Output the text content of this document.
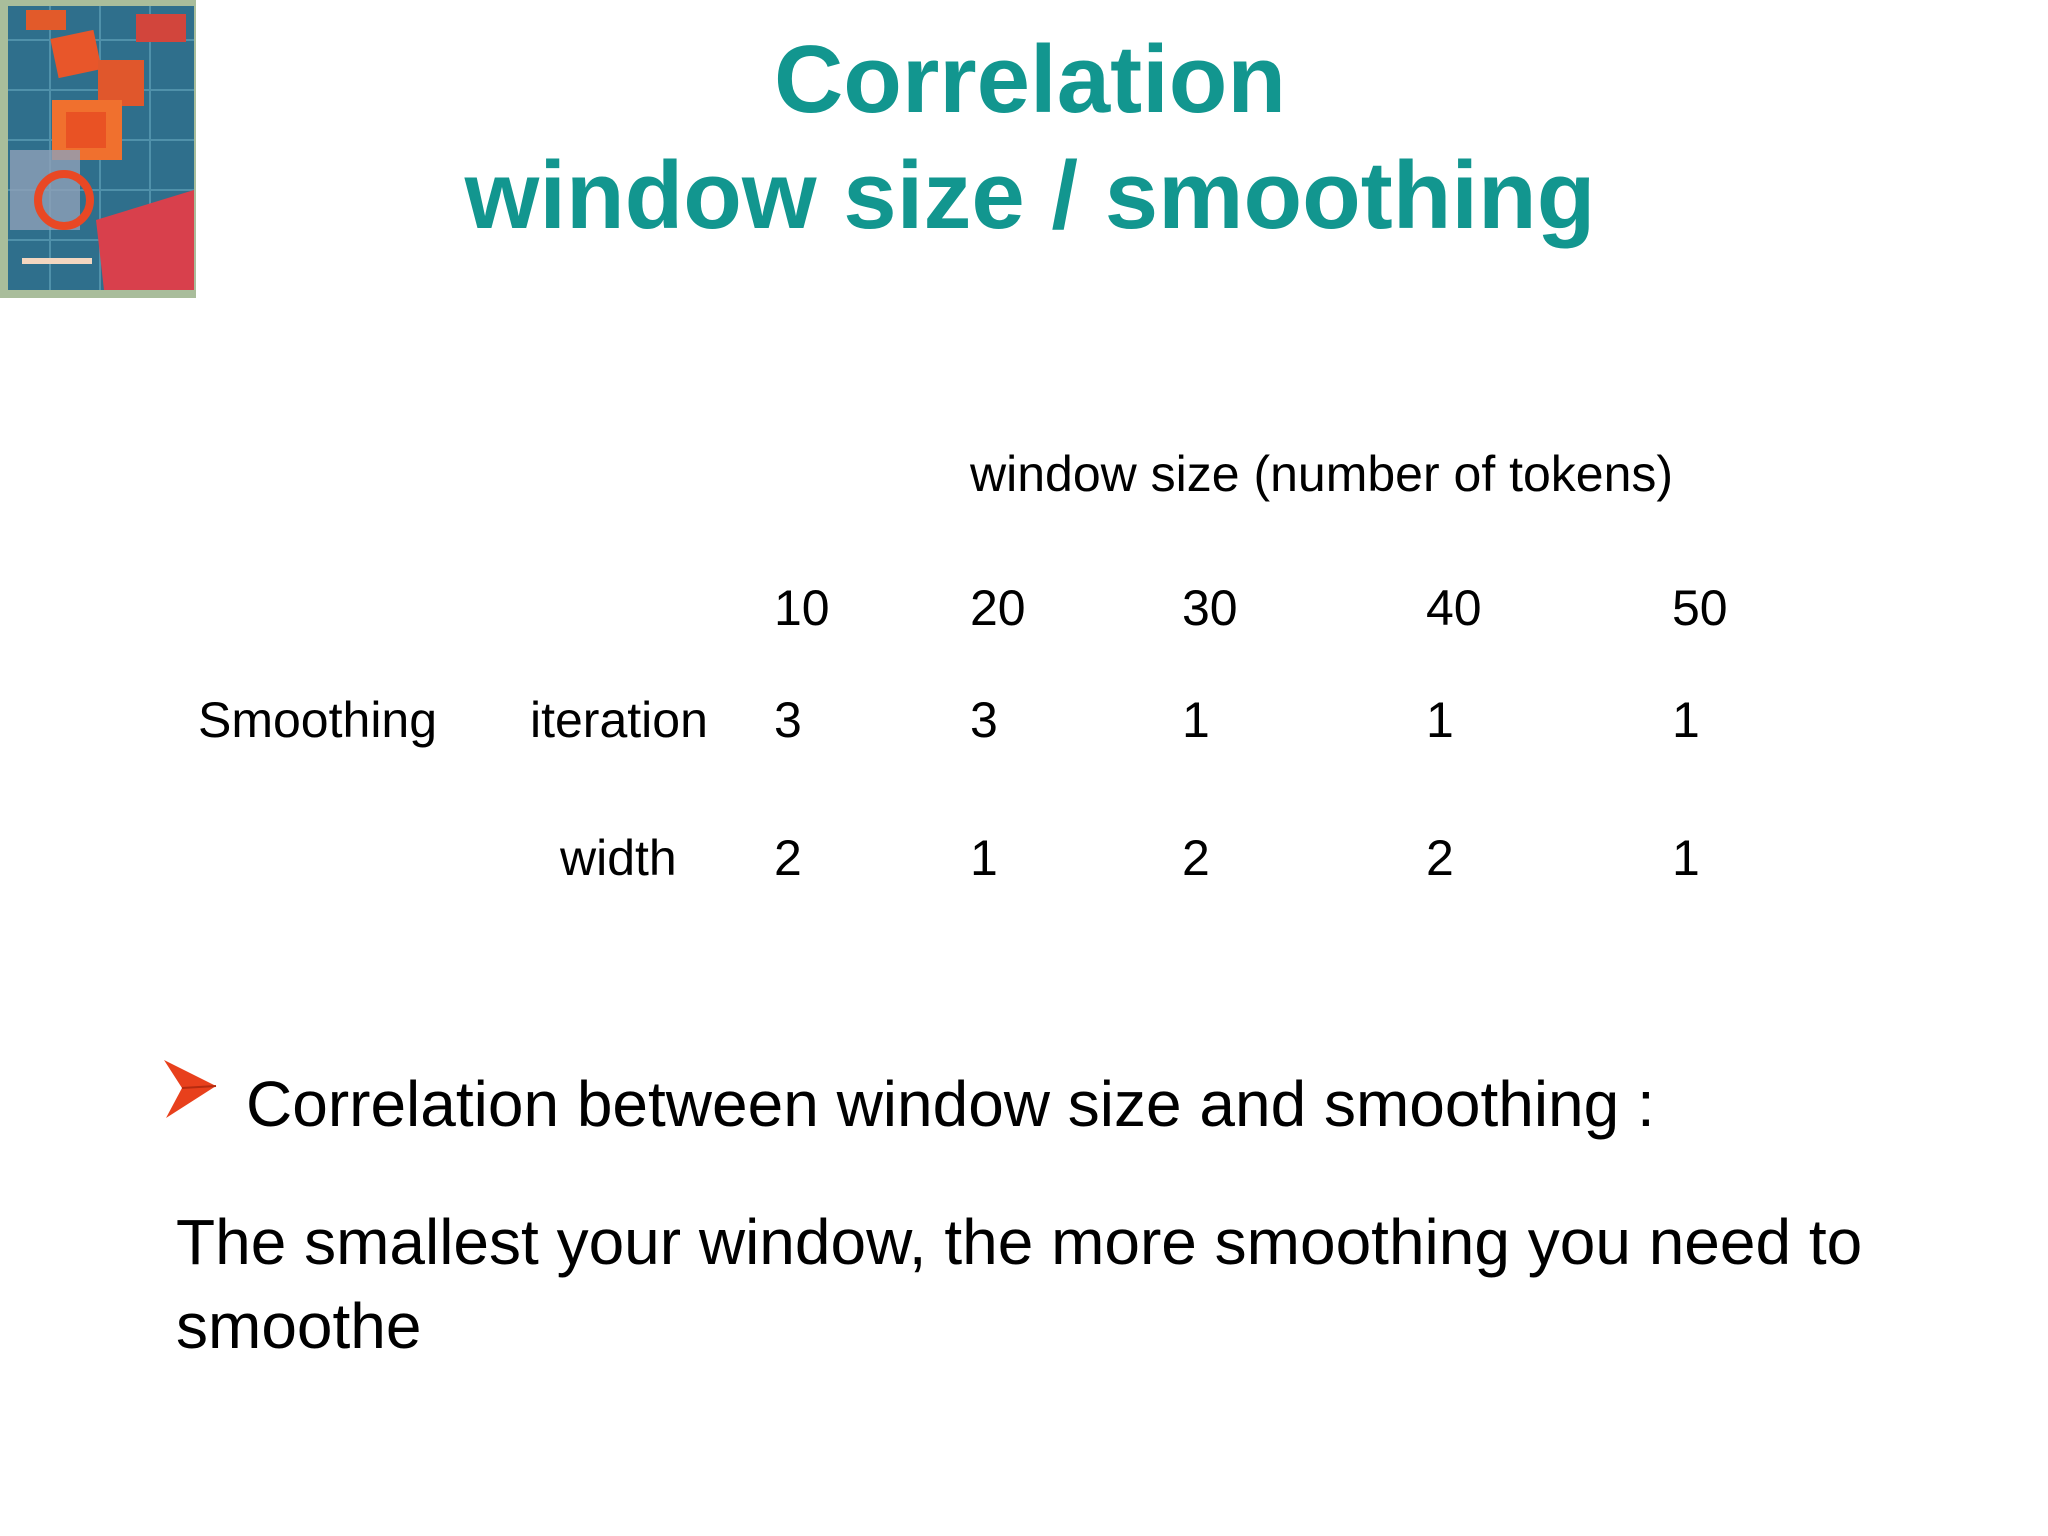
Correlation
window size / smoothing
window size (number of tokens)
10	20	30	40	50
Smoothing iteration 3	3	1	1	1
width 2	1	2	2	1
Correlation between window size and smoothing :
The smallest your window, the more smoothing you need to smoothe
